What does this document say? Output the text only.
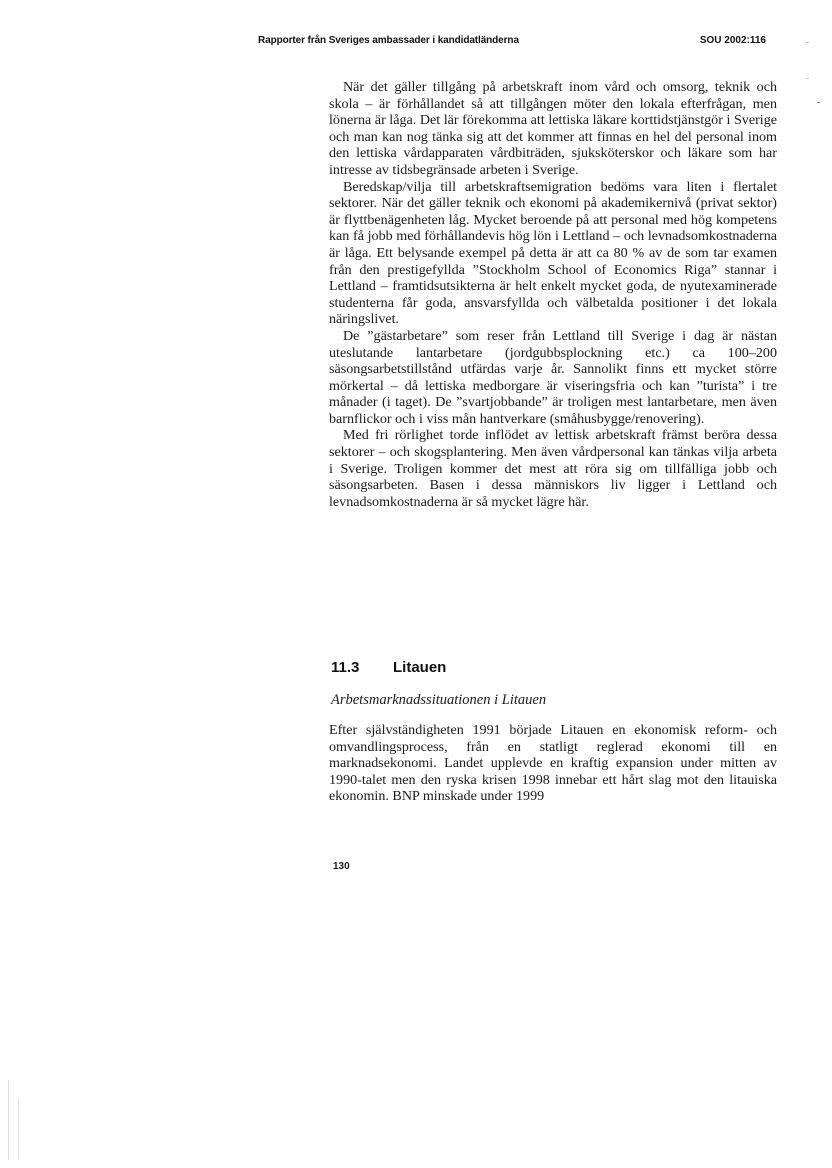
Rapporter från Sveriges ambassader i kandidatländerna	SOU 2002:116

När det gäller tillgång på arbetskraft inom vård och omsorg, teknik och skola – är förhållandet så att tillgången möter den lokala efterfrågan, men lönerna är låga. Det lär förekomma att lettiska läkare korttidstjänstgör i Sverige och man kan nog tänka sig att det kommer att finnas en hel del personal inom den lettiska vårdapparaten vårdbiträden, sjuksköterskor och läkare som har intresse av tidsbegränsade arbeten i Sverige.

Beredskap/vilja till arbetskraftsemigration bedöms vara liten i flertalet sektorer. När det gäller teknik och ekonomi på akademikernivå (privat sektor) är flyttbenägenheten låg. Mycket beroende på att personal med hög kompetens kan få jobb med förhållandevis hög lön i Lettland – och levnadsomkostnaderna är låga. Ett belysande exempel på detta är att ca 80 % av de som tar examen från den prestigefyllda ”Stockholm School of Economics Riga” stannar i Lettland – framtidsutsikterna är helt enkelt mycket goda, de nyutexaminerade studenterna får goda, ansvarsfyllda och välbetalda positioner i det lokala näringslivet.

De ”gästarbetare” som reser från Lettland till Sverige i dag är nästan uteslutande lantarbetare (jordgubbsplockning etc.) ca 100–200 säsongsarbetstillstånd utfärdas varje år. Sannolikt finns ett mycket större mörkertal – då lettiska medborgare är viseringsfria och kan ”turista” i tre månader (i taget). De ”svartjobbande” är troligen mest lantarbetare, men även barnflickor och i viss mån hantverkare (småhusbygge/renovering).

Med fri rörlighet torde inflödet av lettisk arbetskraft främst beröra dessa sektorer – och skogsplantering. Men även vårdpersonal kan tänkas vilja arbeta i Sverige. Troligen kommer det mest att röra sig om tillfälliga jobb och säsongsarbeten. Basen i dessa människors liv ligger i Lettland och levnadsomkostnaderna är så mycket lägre här.

11.3 Litauen
Arbetsmarknadssituationen i Litauen

Efter självständigheten 1991 började Litauen en ekonomisk reform- och omvandlingsprocess, från en statligt reglerad ekonomi till en marknadsekonomi. Landet upplevde en kraftig expansion under mitten av 1990-talet men den ryska krisen 1998 innebar ett hårt slag mot den litauiska ekonomin. BNP minskade under 1999

130
